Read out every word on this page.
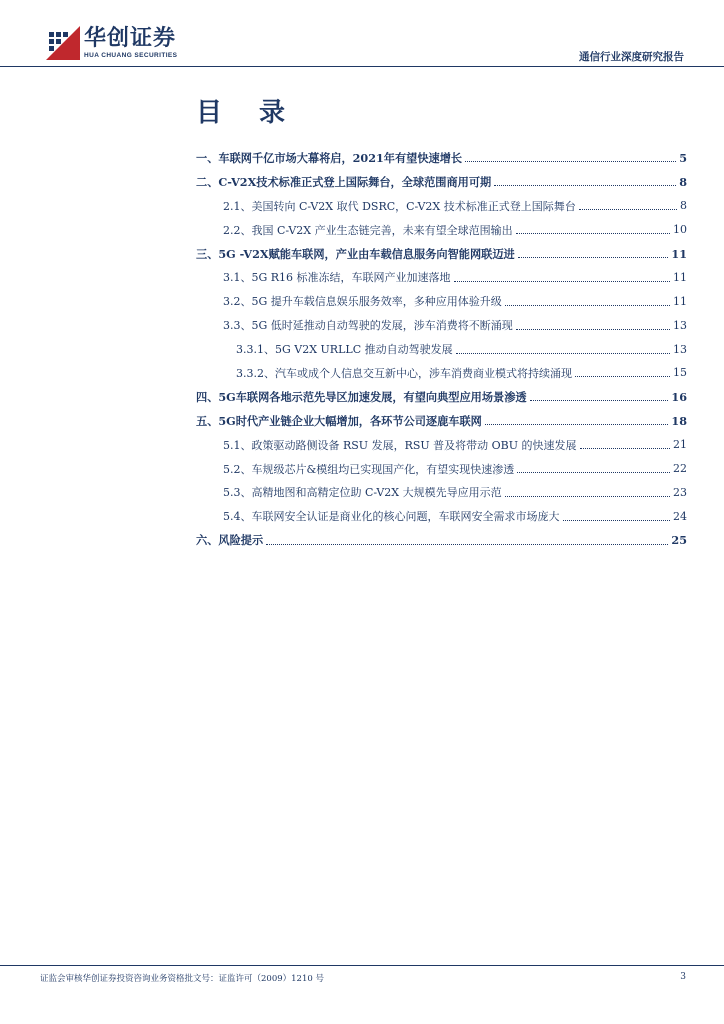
华创证券
HUA CHUANG SECURITIES	通信行业深度研究报告
目 录
一、车联网千亿市场大幕将启，2021年有望快速增长	5
二、C-V2X技术标准正式登上国际舞台，全球范围商用可期	8
2.1、美国转向 C-V2X 取代 DSRC，C-V2X 技术标准正式登上国际舞台	8
2.2、我国 C-V2X 产业生态链完善，未来有望全球范围输出	10
三、5G -V2X赋能车联网，产业由车载信息服务向智能网联迈进	11
3.1、5G R16 标准冻结，车联网产业加速落地	11
3.2、5G 提升车载信息娱乐服务效率，多种应用体验升级	11
3.3、5G 低时延推动自动驾驶的发展，涉车消费将不断涌现	13
3.3.1、5G V2X URLLC 推动自动驾驶发展	13
3.3.2、汽车或成个人信息交互新中心，涉车消费商业模式将持续涌现	15
四、5G车联网各地示范先导区加速发展，有望向典型应用场景渗透	16
五、5G时代产业链企业大幅增加，各环节公司逐鹿车联网	18
5.1、政策驱动路侧设备 RSU 发展，RSU 普及将带动 OBU 的快速发展	21
5.2、车规级芯片&模组均已实现国产化，有望实现快速渗透	22
5.3、高精地图和高精定位助 C-V2X 大规模先导应用示范	23
5.4、车联网安全认证是商业化的核心问题，车联网安全需求市场庞大	24
六、风险提示	25
证监会审核华创证券投资咨询业务资格批文号：证监许可（2009）1210 号	3
